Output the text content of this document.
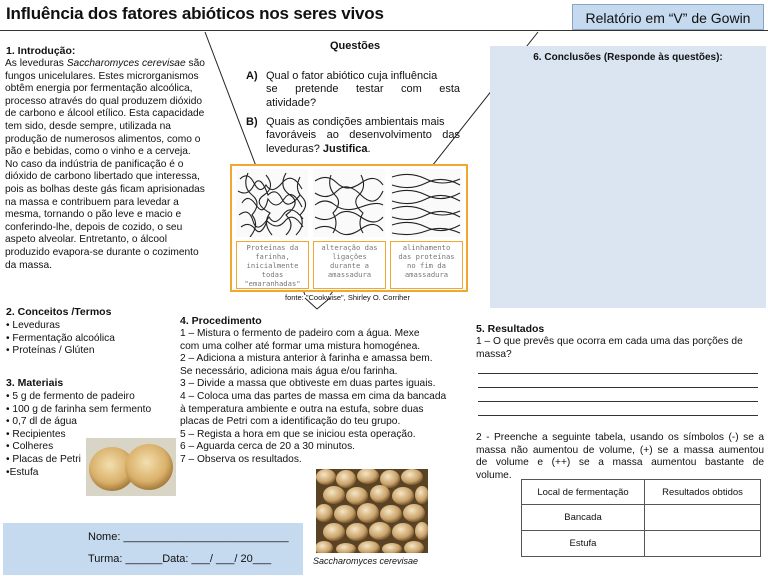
Influência dos fatores abióticos nos seres vivos	Relatório em “V” de Gowin
1. Introdução:
As leveduras Saccharomyces cerevisae são
fungos unicelulares. Estes microrganismos
obtêm energia por fermentação alcoólica,
processo através do qual produzem dióxido
de carbono e álcool etílico. Esta capacidade
tem sido, desde sempre, utilizada na
produção de numerosos alimentos, como o
pão e bebidas, como o vinho e a cerveja.
No caso da indústria de panificação é o
dióxido de carbono libertado que interessa,
pois as bolhas deste gás ficam aprisionadas
na massa e contribuem para levedar a
mesma, tornando o pão leve e macio e
conferindo-lhe, depois de cozido, o seu
aspeto alveolar. Entretanto, o álcool
produzido evapora-se durante o cozimento
da massa.
2. Conceitos /Termos
• Leveduras
• Fermentação alcoólica
• Proteínas / Glúten
3. Materiais
• 5 g de fermento de padeiro
• 100 g de farinha sem fermento
• 0,7 dl de água
• Recipientes
• Colheres
• Placas de Petri
•Estufa
Questões
A) Qual o fator abiótico cuja influência
se pretende testar com esta
atividade?
B) Quais as condições ambientais mais
favoráveis ao desenvolvimento das
leveduras? Justifica.
Proteínas da
farinha,
inicialmente
todas
"emaranhadas"
alteração das
ligações
durante a
amassadura
alinhamento
das proteínas
no fim da
amassadura
fonte: "Cookwise", Shirley O. Corriher
4. Procedimento
1 – Mistura o fermento de padeiro com a água. Mexe
com uma colher até formar uma mistura homogénea.
2 – Adiciona a mistura anterior à farinha e amassa bem.
Se necessário, adiciona mais água e/ou farinha.
3 – Divide a massa que obtiveste em duas partes iguais.
4 – Coloca uma das partes de massa em cima da bancada
à temperatura ambiente e outra na estufa, sobre duas
placas de Petri com a identificação do teu grupo.
5 – Regista a hora em que se iniciou esta operação.
6 – Aguarda cerca de 20 a 30 minutos.
7 – Observa os resultados.
Saccharomyces cerevisae
6. Conclusões (Responde às questões):
5. Resultados
1 – O que prevês que ocorra em cada uma das porções de
massa?
2 - Preenche a seguinte tabela, usando os símbolos (-) se a
massa não aumentou de volume, (+) se a massa aumentou
de volume e (++) se a massa aumentou bastante de
volume.
Local de fermentação	Resultados obtidos
Bancada	
Estufa	
Nome: ___________________________
Turma: ______Data: ___/ ___/ 20___
